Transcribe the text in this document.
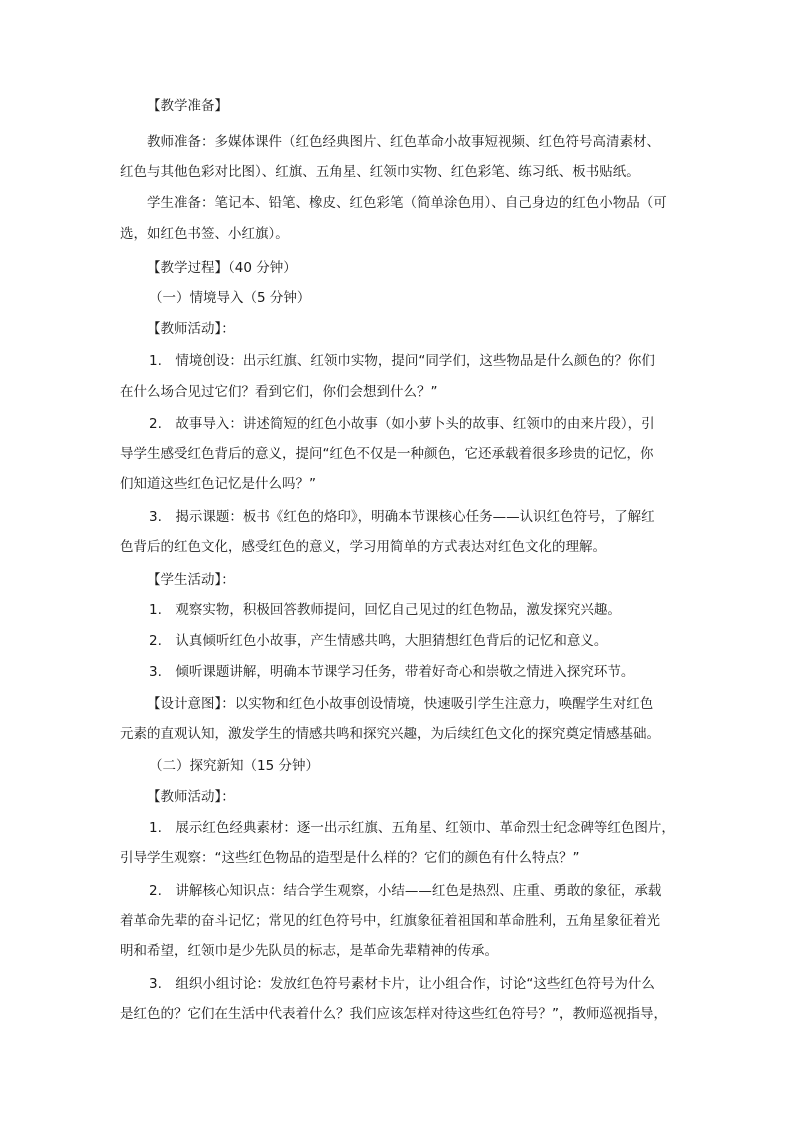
【教学准备】
教师准备：多媒体课件（红色经典图片、红色革命小故事短视频、红色符号高清素材、
红色与其他色彩对比图）、红旗、五角星、红领巾实物、红色彩笔、练习纸、板书贴纸。
学生准备：笔记本、铅笔、橡皮、红色彩笔（简单涂色用）、自己身边的红色小物品（可
选，如红色书签、小红旗）。
【教学过程】（40 分钟）
（一）情境导入（5 分钟）
【教师活动】：
1.　情境创设：出示红旗、红领巾实物，提问“同学们，这些物品是什么颜色的？你们
在什么场合见过它们？看到它们，你们会想到什么？”
2.　故事导入：讲述简短的红色小故事（如小萝卜头的故事、红领巾的由来片段），引
导学生感受红色背后的意义，提问“红色不仅是一种颜色，它还承载着很多珍贵的记忆，你
们知道这些红色记忆是什么吗？”
3.　揭示课题：板书《红色的烙印》，明确本节课核心任务——认识红色符号，了解红
色背后的红色文化，感受红色的意义，学习用简单的方式表达对红色文化的理解。
【学生活动】：
1.　观察实物，积极回答教师提问，回忆自己见过的红色物品，激发探究兴趣。
2.　认真倾听红色小故事，产生情感共鸣，大胆猜想红色背后的记忆和意义。
3.　倾听课题讲解，明确本节课学习任务，带着好奇心和崇敬之情进入探究环节。
【设计意图】：以实物和红色小故事创设情境，快速吸引学生注意力，唤醒学生对红色
元素的直观认知，激发学生的情感共鸣和探究兴趣，为后续红色文化的探究奠定情感基础。
（二）探究新知（15 分钟）
【教师活动】：
1.　展示红色经典素材：逐一出示红旗、五角星、红领巾、革命烈士纪念碑等红色图片，
引导学生观察：“这些红色物品的造型是什么样的？它们的颜色有什么特点？”
2.　讲解核心知识点：结合学生观察，小结——红色是热烈、庄重、勇敢的象征，承载
着革命先辈的奋斗记忆；常见的红色符号中，红旗象征着祖国和革命胜利，五角星象征着光
明和希望，红领巾是少先队员的标志，是革命先辈精神的传承。
3.　组织小组讨论：发放红色符号素材卡片，让小组合作，讨论“这些红色符号为什么
是红色的？它们在生活中代表着什么？我们应该怎样对待这些红色符号？”，教师巡视指导，
